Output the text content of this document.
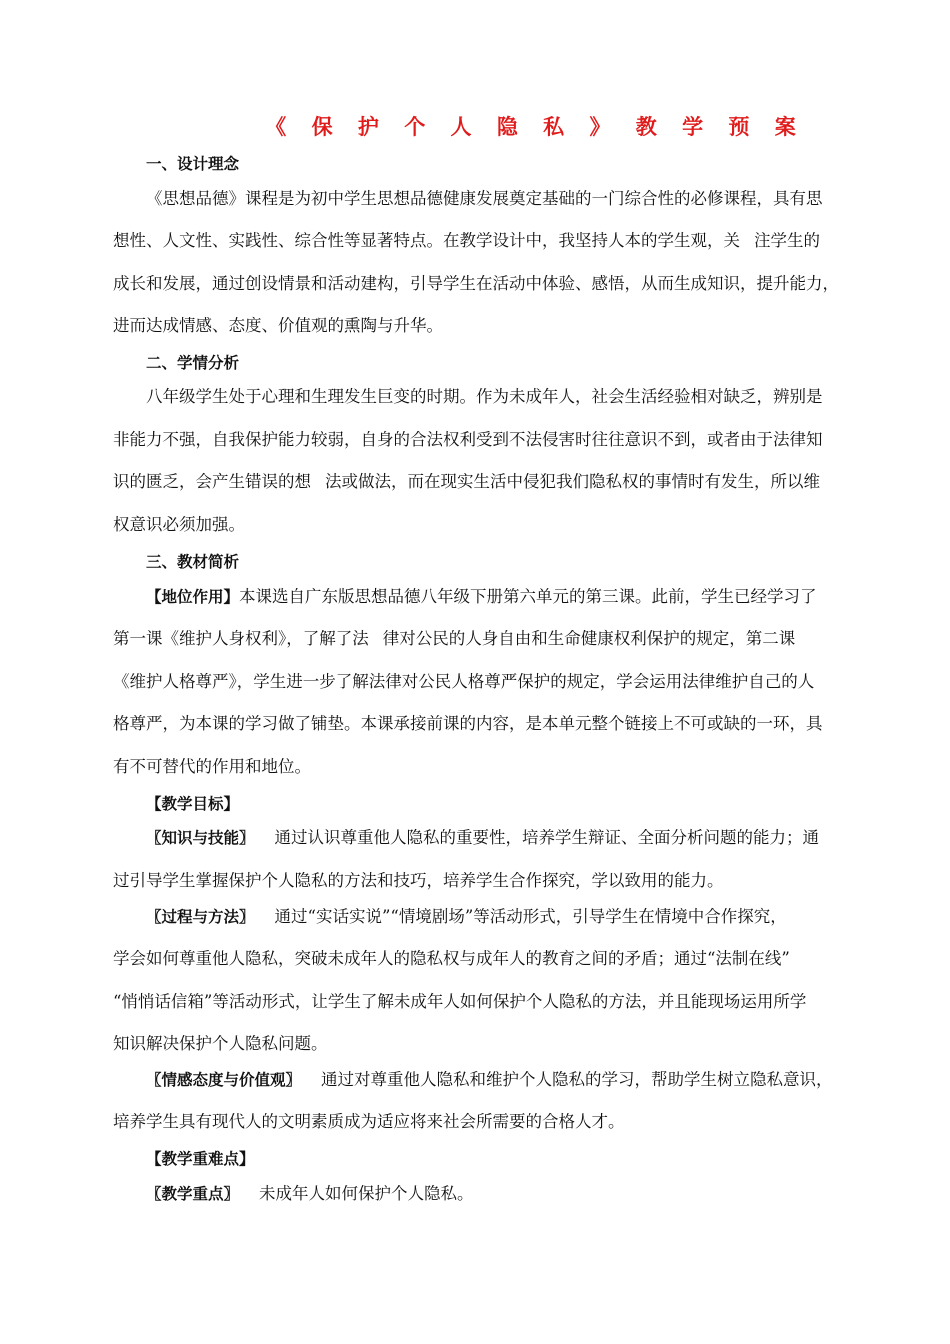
《 保 护 个 人 隐 私 》 教 学 预 案
一、设计理念
《思想品德》课程是为初中学生思想品德健康发展奠定基础的一门综合性的必修课程，具有思
想性、人文性、实践性、综合性等显著特点。在教学设计中，我坚持人本的学生观，关 注学生的
成长和发展，通过创设情景和活动建构，引导学生在活动中体验、感悟，从而生成知识，提升能力，
进而达成情感、态度、价值观的熏陶与升华。
二、学情分析
八年级学生处于心理和生理发生巨变的时期。作为未成年人，社会生活经验相对缺乏，辨别是
非能力不强，自我保护能力较弱，自身的合法权利受到不法侵害时往往意识不到，或者由于法律知
识的匮乏，会产生错误的想 法或做法，而在现实生活中侵犯我们隐私权的事情时有发生，所以维
权意识必须加强。
三、教材简析
【地位作用】本课选自广东版思想品德八年级下册第六单元的第三课。此前，学生已经学习了
第一课《维护人身权利》，了解了法 律对公民的人身自由和生命健康权利保护的规定，第二课
《维护人格尊严》，学生进一步了解法律对公民人格尊严保护的规定，学会运用法律维护自己的人
格尊严，为本课的学习做了铺垫。本课承接前课的内容，是本单元整个链接上不可或缺的一环，具
有不可替代的作用和地位。
【教学目标】
〖知识与技能〗 通过认识尊重他人隐私的重要性，培养学生辩证、全面分析问题的能力；通
过引导学生掌握保护个人隐私的方法和技巧，培养学生合作探究，学以致用的能力。
〖过程与方法〗 通过“实话实说”“情境剧场”等活动形式，引导学生在情境中合作探究，
学会如何尊重他人隐私，突破未成年人的隐私权与成年人的教育之间的矛盾；通过“法制在线”
“悄悄话信箱”等活动形式，让学生了解未成年人如何保护个人隐私的方法，并且能现场运用所学
知识解决保护个人隐私问题。
〖情感态度与价值观〗 通过对尊重他人隐私和维护个人隐私的学习，帮助学生树立隐私意识，
培养学生具有现代人的文明素质成为适应将来社会所需要的合格人才。
【教学重难点】
〖教学重点〗 未成年人如何保护个人隐私。
